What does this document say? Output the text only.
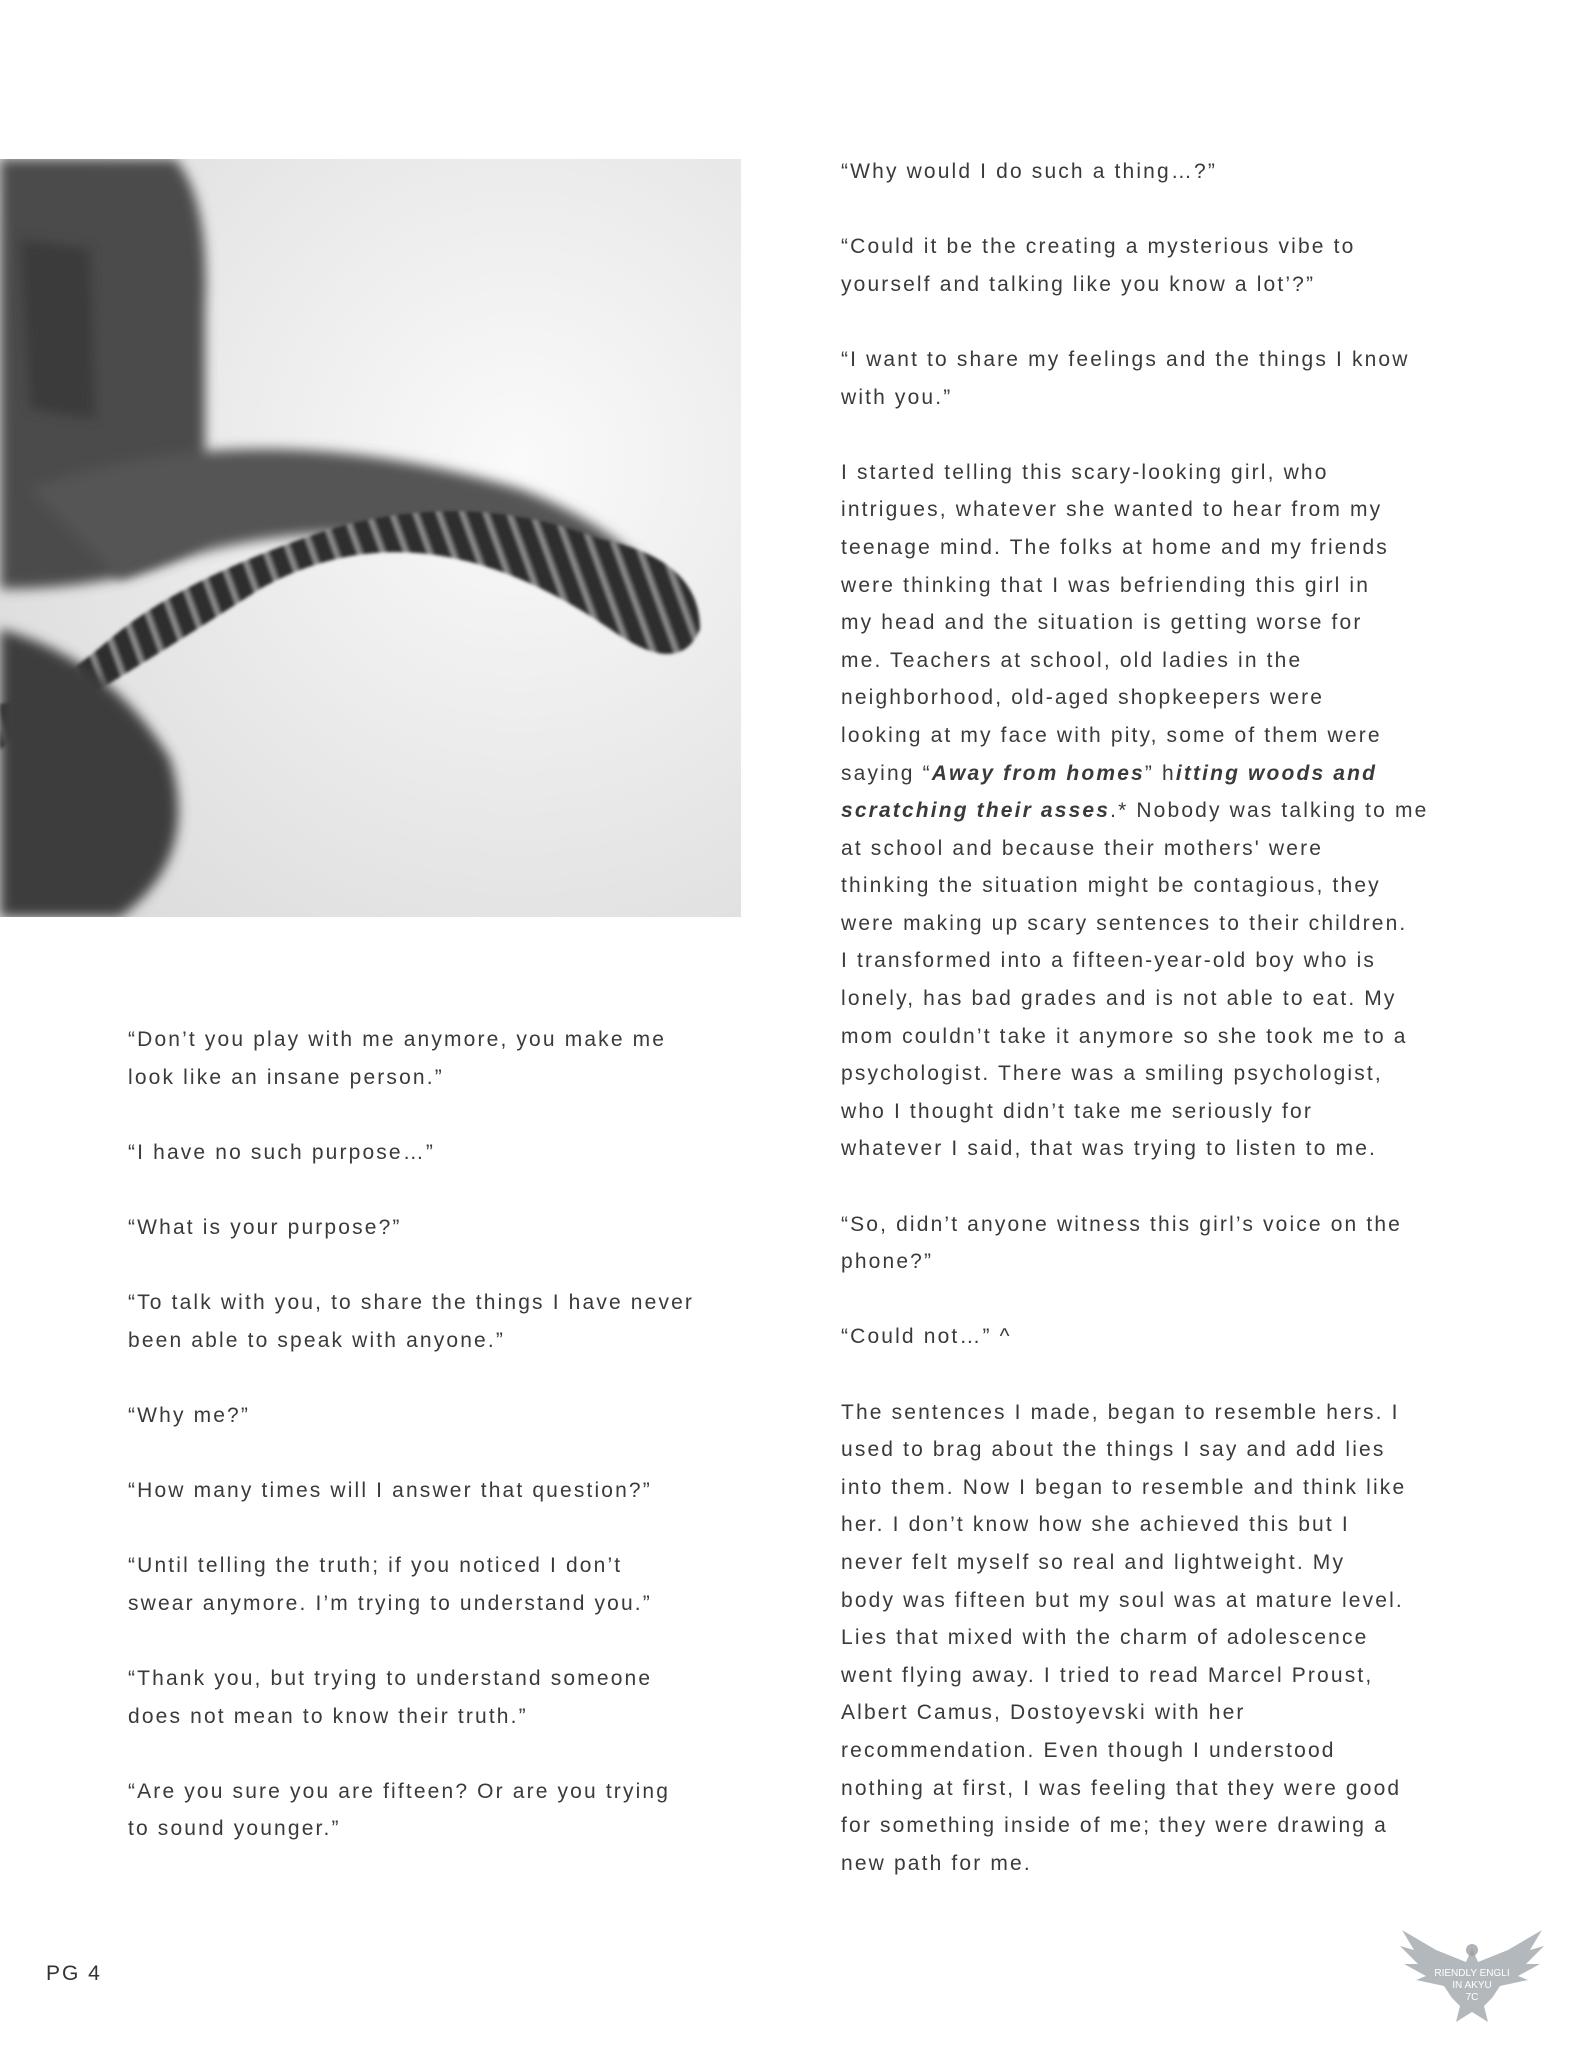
“Don’t you play with me anymore, you make me
look like an insane person.”

“I have no such purpose…”

“What is your purpose?”

“To talk with you, to share the things I have never
been able to speak with anyone.”

“Why me?”

“How many times will I answer that question?”

“Until telling the truth; if you noticed I don’t
swear anymore. I’m trying to understand you.”

“Thank you, but trying to understand someone
does not mean to know their truth.”

“Are you sure you are fifteen? Or are you trying
to sound younger.”

“Why would I do such a thing…?”

“Could it be the creating a mysterious vibe to
yourself and talking like you know a lot’?”

“I want to share my feelings and the things I know
with you.”

I started telling this scary-looking girl, who
intrigues, whatever she wanted to hear from my
teenage mind. The folks at home and my friends
were thinking that I was befriending this girl in
my head and the situation is getting worse for
me. Teachers at school, old ladies in the
neighborhood, old-aged shopkeepers were
looking at my face with pity, some of them were
saying “Away from homes” hitting woods and
scratching their asses.* Nobody was talking to me
at school and because their mothers' were
thinking the situation might be contagious, they
were making up scary sentences to their children.
I transformed into a fifteen-year-old boy who is
lonely, has bad grades and is not able to eat. My
mom couldn’t take it anymore so she took me to a
psychologist. There was a smiling psychologist,
who I thought didn’t take me seriously for
whatever I said, that was trying to listen to me.

“So, didn’t anyone witness this girl’s voice on the
phone?”

“Could not…” ^

The sentences I made, began to resemble hers. I
used to brag about the things I say and add lies
into them. Now I began to resemble and think like
her. I don’t know how she achieved this but I
never felt myself so real and lightweight. My
body was fifteen but my soul was at mature level.
Lies that mixed with the charm of adolescence
went flying away. I tried to read Marcel Proust,
Albert Camus, Dostoyevski with her
recommendation. Even though I understood
nothing at first, I was feeling that they were good
for something inside of me; they were drawing a
new path for me.

PG 4	RIENDLY ENGLI
IN AKYU
7C
